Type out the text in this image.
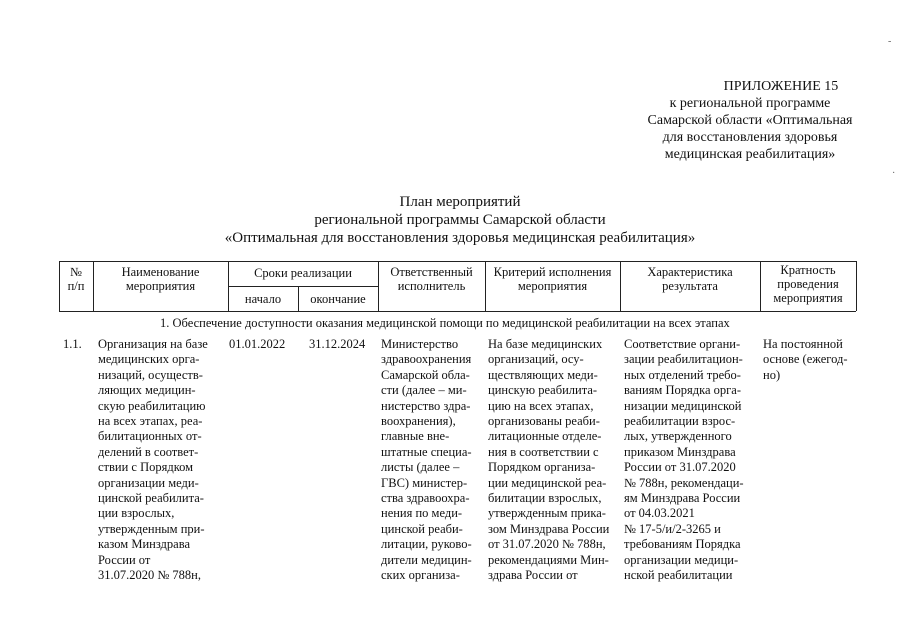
ПРИЛОЖЕНИЕ 15
к региональной программе
Самарской области «Оптимальная
для восстановления здоровья
медицинская реабилитация»
План мероприятий
региональной программы Самарской области
«Оптимальная для восстановления здоровья медицинская реабилитация»
№
п/п
Наименование
мероприятия
Сроки реализации
начало	окончание
Ответственный
исполнитель
Критерий исполнения
мероприятия
Характеристика
результата
Кратность
проведения
мероприятия
1. Обеспечение доступности оказания медицинской помощи по медицинской реабилитации на всех этапах
1.1. Организация на базе
медицинских орга-
низаций, осуществ-
ляющих медицин-
скую реабилитацию
на всех этапах, реа-
билитационных от-
делений в соответ-
ствии с Порядком
организации меди-
цинской реабилита-
ции взрослых,
утвержденным при-
казом Минздрава
России от
31.07.2020 № 788н,
01.01.2022 31.12.2024 Министерство
здравоохранения
Самарской обла-
сти (далее – ми-
нистерство здра-
воохранения),
главные вне-
штатные специа-
листы (далее –
ГВС) министер-
ства здравоохра-
нения по меди-
цинской реаби-
литации, руково-
дители медицин-
ских организа-
На базе медицинских
организаций, осу-
ществляющих меди-
цинскую реабилита-
цию на всех этапах,
организованы реаби-
литационные отделе-
ния в соответствии с
Порядком организа-
ции медицинской реа-
билитации взрослых,
утвержденным прика-
зом Минздрава России
от 31.07.2020 № 788н,
рекомендациями Мин-
здрава России от
Соответствие органи-
зации реабилитацион-
ных отделений требо-
ваниям Порядка орга-
низации медицинской
реабилитации взрос-
лых, утвержденного
приказом Минздрава
России от 31.07.2020
№ 788н, рекомендаци-
ям Минздрава России
от 04.03.2021
№ 17-5/и/2-3265 и
требованиям Порядка
организации медици-
нской реабилитации
На постоянной
основе (ежегод-
но)
-
·
